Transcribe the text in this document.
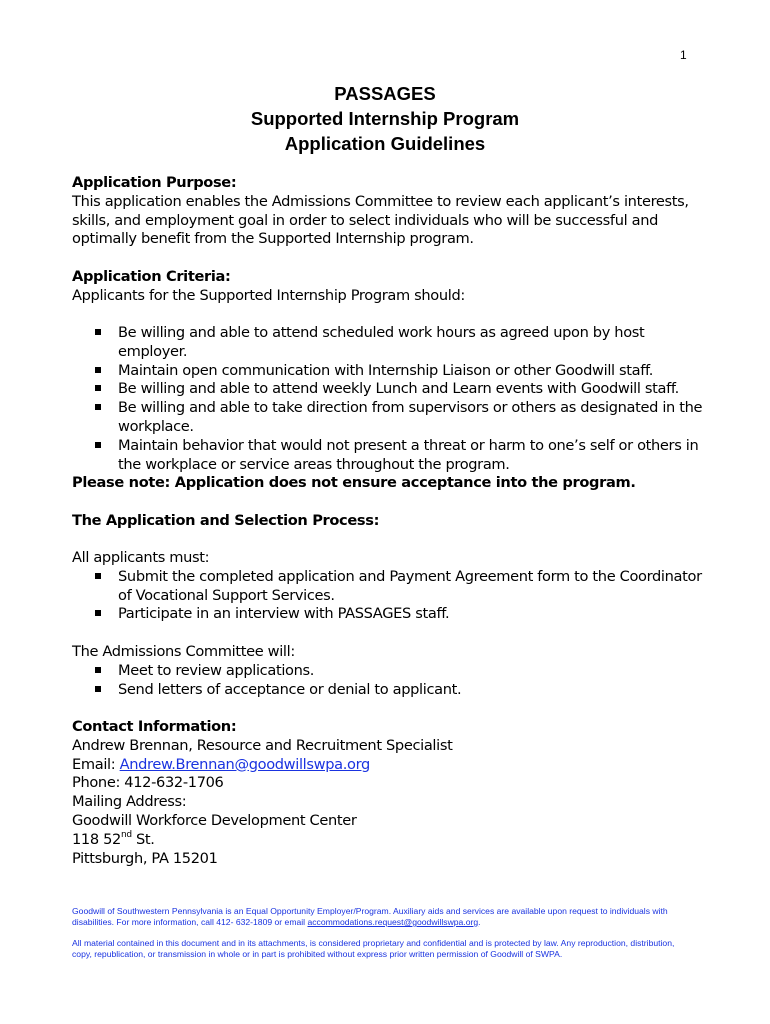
1
PASSAGES
Supported Internship Program
Application Guidelines
Application Purpose:

This application enables the Admissions Committee to review each applicant’s interests, skills, and employment goal in order to select individuals who will be successful and optimally benefit from the Supported Internship program.

Application Criteria:
Applicants for the Supported Internship Program should:
Be willing and able to attend scheduled work hours as agreed upon by host employer.
Maintain open communication with Internship Liaison or other Goodwill staff.
Be willing and able to attend weekly Lunch and Learn events with Goodwill staff.
Be willing and able to take direction from supervisors or others as designated in the workplace.
Maintain behavior that would not present a threat or harm to one’s self or others in the workplace or service areas throughout the program.
Please note: Application does not ensure acceptance into the program.
The Application and Selection Process:
All applicants must:
Submit the completed application and Payment Agreement form to the Coordinator of Vocational Support Services.
Participate in an interview with PASSAGES staff.
The Admissions Committee will:
Meet to review applications.
Send letters of acceptance or denial to applicant.
Contact Information:
Andrew Brennan, Resource and Recruitment Specialist
Email: Andrew.Brennan@goodwillswpa.org
Phone: 412-632-1706
Mailing Address:
Goodwill Workforce Development Center
118 52nd St.
Pittsburgh, PA 15201
Goodwill of Southwestern Pennsylvania is an Equal Opportunity Employer/Program. Auxiliary aids and services are available upon request to individuals with disabilities. For more information, call 412- 632-1809 or email accommodations.request@goodwillswpa.org.
All material contained in this document and in its attachments, is considered proprietary and confidential and is protected by law. Any reproduction, distribution, copy, republication, or transmission in whole or in part is prohibited without express prior written permission of Goodwill of SWPA.
